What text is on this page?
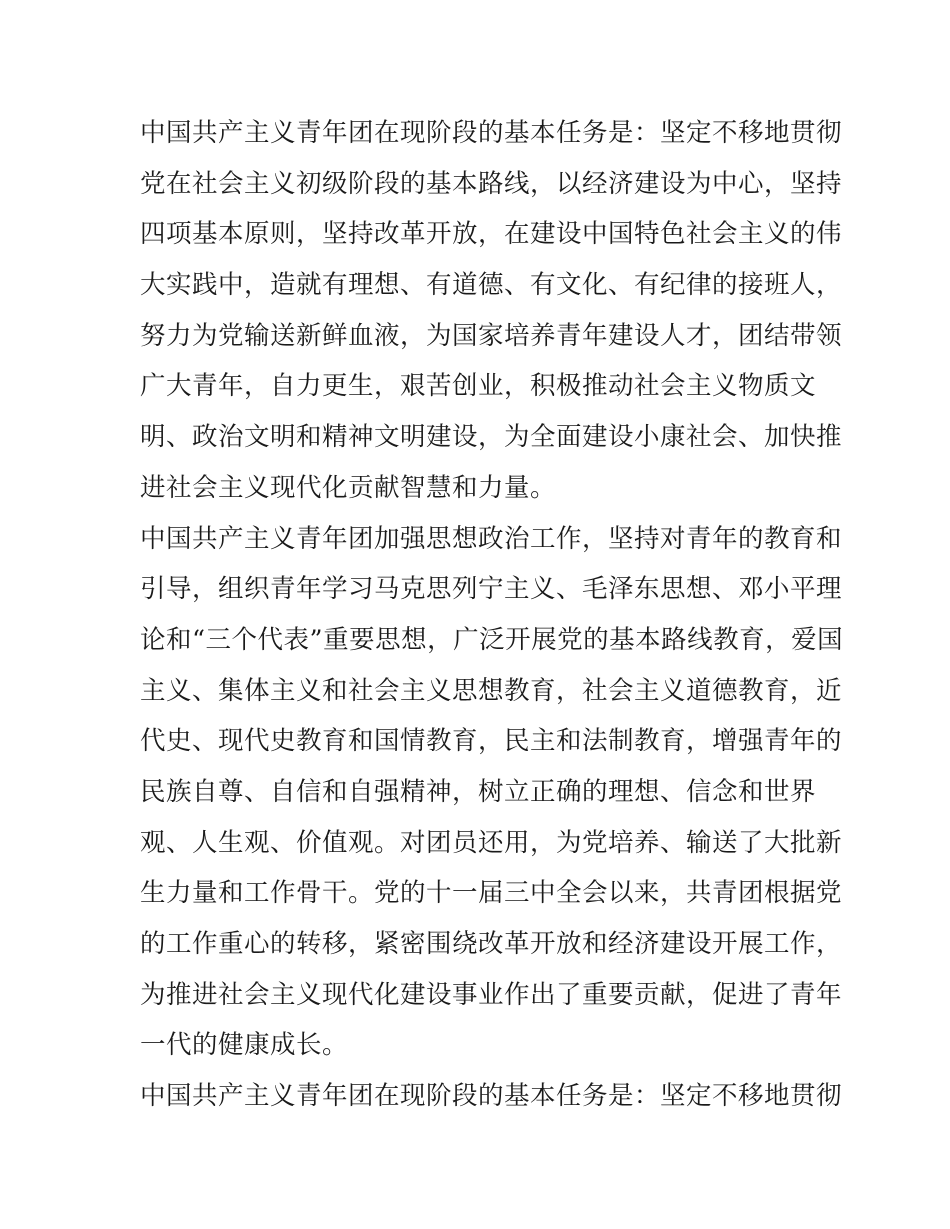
中国共产主义青年团在现阶段的基本任务是：坚定不移地贯彻
党在社会主义初级阶段的基本路线，以经济建设为中心，坚持
四项基本原则，坚持改革开放，在建设中国特色社会主义的伟
大实践中，造就有理想、有道德、有文化、有纪律的接班人，
努力为党输送新鲜血液，为国家培养青年建设人才，团结带领
广大青年，自力更生，艰苦创业，积极推动社会主义物质文
明、政治文明和精神文明建设，为全面建设小康社会、加快推
进社会主义现代化贡献智慧和力量。
中国共产主义青年团加强思想政治工作，坚持对青年的教育和
引导，组织青年学习马克思列宁主义、毛泽东思想、邓小平理
论和“三个代表”重要思想，广泛开展党的基本路线教育，爱国
主义、集体主义和社会主义思想教育，社会主义道德教育，近
代史、现代史教育和国情教育，民主和法制教育，增强青年的
民族自尊、自信和自强精神，树立正确的理想、信念和世界
观、人生观、价值观。对团员还用，为党培养、输送了大批新
生力量和工作骨干。党的十一届三中全会以来，共青团根据党
的工作重心的转移，紧密围绕改革开放和经济建设开展工作，
为推进社会主义现代化建设事业作出了重要贡献，促进了青年
一代的健康成长。
中国共产主义青年团在现阶段的基本任务是：坚定不移地贯彻
